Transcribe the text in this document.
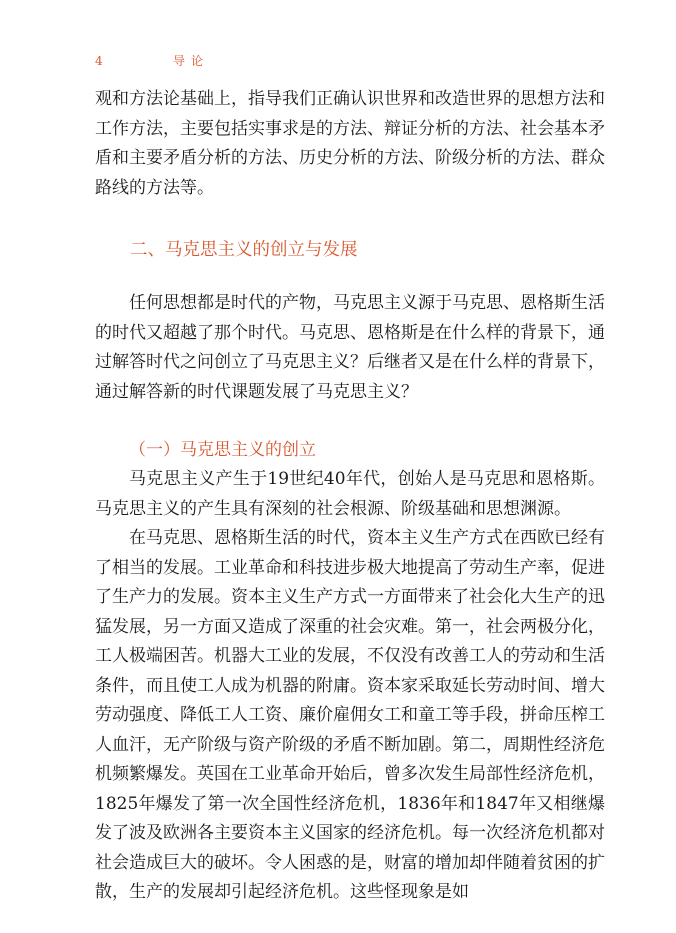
4	导论
二、马克思主义的创立与发展

观和方法论基础上，指导我们正确认识世界和改造世界的思想方法和工作方法，主要包括实事求是的方法、辩证分析的方法、社会基本矛盾和主要矛盾分析的方法、历史分析的方法、阶级分析的方法、群众路线的方法等。

任何思想都是时代的产物，马克思主义源于马克思、恩格斯生活的时代又超越了那个时代。马克思、恩格斯是在什么样的背景下，通过解答时代之问创立了马克思主义？后继者又是在什么样的背景下，通过解答新的时代课题发展了马克思主义？

（一）马克思主义的创立

马克思主义产生于19世纪40年代，创始人是马克思和恩格斯。马克思主义的产生具有深刻的社会根源、阶级基础和思想渊源。

在马克思、恩格斯生活的时代，资本主义生产方式在西欧已经有了相当的发展。工业革命和科技进步极大地提高了劳动生产率，促进了生产力的发展。资本主义生产方式一方面带来了社会化大生产的迅猛发展，另一方面又造成了深重的社会灾难。第一，社会两极分化，工人极端困苦。机器大工业的发展，不仅没有改善工人的劳动和生活条件，而且使工人成为机器的附庸。资本家采取延长劳动时间、增大劳动强度、降低工人工资、廉价雇佣女工和童工等手段，拼命压榨工人血汗，无产阶级与资产阶级的矛盾不断加剧。第二，周期性经济危机频繁爆发。英国在工业革命开始后，曾多次发生局部性经济危机，1825年爆发了第一次全国性经济危机，1836年和1847年又相继爆发了波及欧洲各主要资本主义国家的经济危机。每一次经济危机都对社会造成巨大的破坏。令人困惑的是，财富的增加却伴随着贫困的扩散，生产的发展却引起经济危机。这些怪现象是如
